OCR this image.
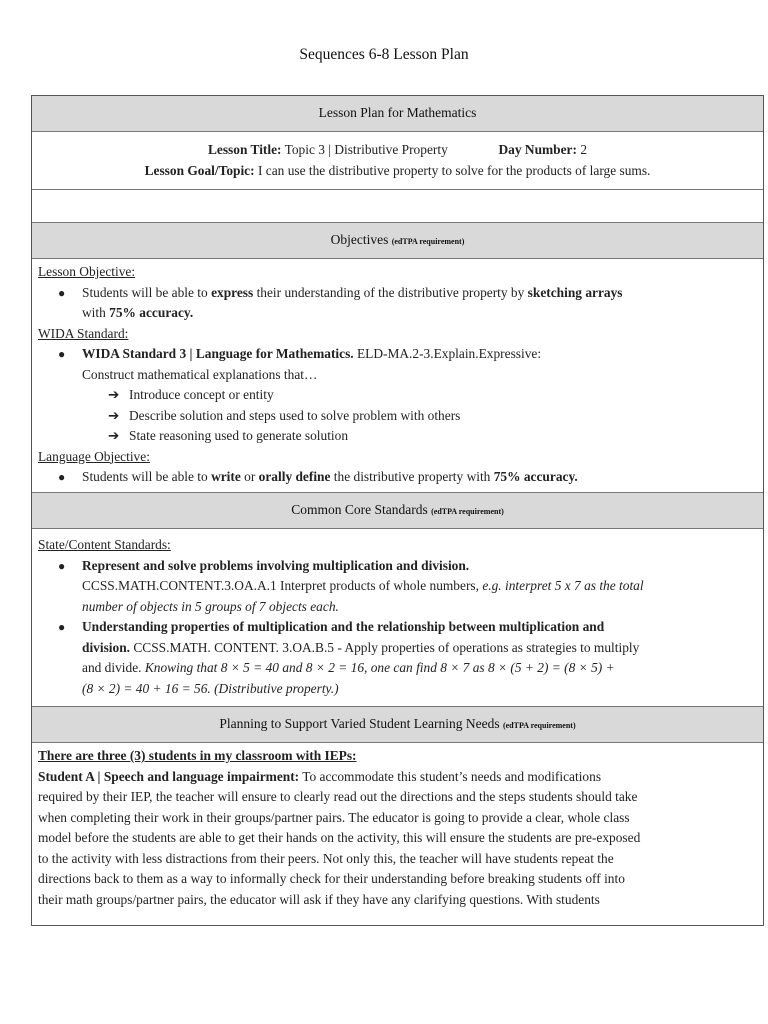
Sequences 6-8 Lesson Plan
Lesson Plan for Mathematics
Lesson Title: Topic 3 | Distributive Property	Day Number: 2
Lesson Goal/Topic: I can use the distributive property to solve for the products of large sums.
Objectives (edTPA requirement)
Lesson Objective:
● Students will be able to express their understanding of the distributive property by sketching arrays
with 75% accuracy.
WIDA Standard:
● WIDA Standard 3 | Language for Mathematics. ELD-MA.2-3.Explain.Expressive:
Construct mathematical explanations that…
➔ Introduce concept or entity
➔ Describe solution and steps used to solve problem with others
➔ State reasoning used to generate solution
Language Objective:
● Students will be able to write or orally define the distributive property with 75% accuracy.
Common Core Standards (edTPA requirement)
State/Content Standards:
● Represent and solve problems involving multiplication and division.
CCSS.MATH.CONTENT.3.OA.A.1 Interpret products of whole numbers, e.g. interpret 5 x 7 as the total
number of objects in 5 groups of 7 objects each.
● Understanding properties of multiplication and the relationship between multiplication and
division. CCSS.MATH. CONTENT. 3.OA.B.5 - Apply properties of operations as strategies to multiply
and divide. Knowing that 8 × 5 = 40 and 8 × 2 = 16, one can find 8 × 7 as 8 × (5 + 2) = (8 × 5) +
(8 × 2) = 40 + 16 = 56. (Distributive property.)
Planning to Support Varied Student Learning Needs (edTPA requirement)
There are three (3) students in my classroom with IEPs:
Student A | Speech and language impairment: To accommodate this student’s needs and modifications
required by their IEP, the teacher will ensure to clearly read out the directions and the steps students should take
when completing their work in their groups/partner pairs. The educator is going to provide a clear, whole class
model before the students are able to get their hands on the activity, this will ensure the students are pre-exposed
to the activity with less distractions from their peers. Not only this, the teacher will have students repeat the
directions back to them as a way to informally check for their understanding before breaking students off into
their math groups/partner pairs, the educator will ask if they have any clarifying questions. With students
